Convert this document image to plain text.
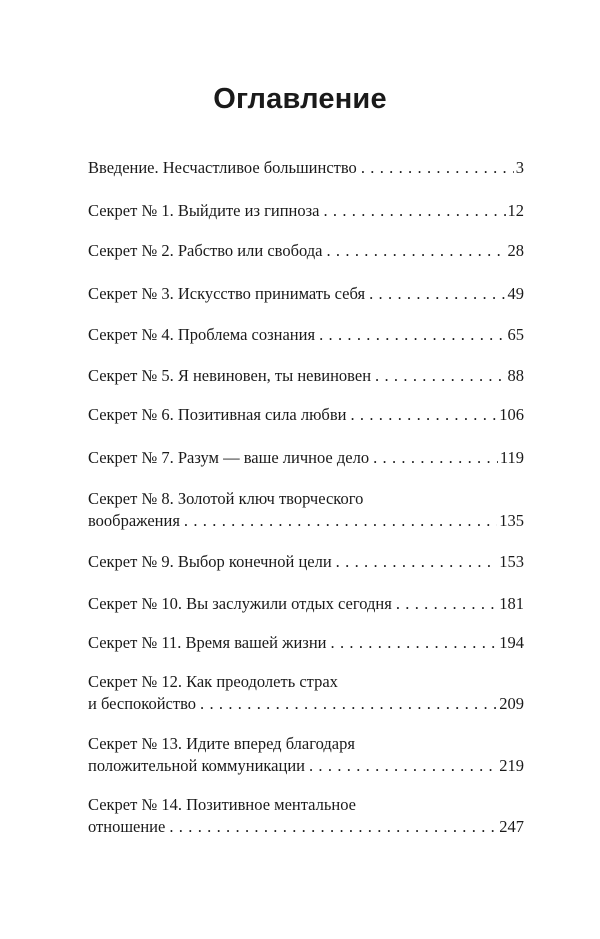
Оглавление
Введение. Несчастливое большинство . . .	3
Секрет № 1. Выйдите из гипноза . . .	12
Секрет № 2. Рабство или свобода . . .	28
Секрет № 3. Искусство принимать себя . . .	49
Секрет № 4. Проблема сознания . . .	65
Секрет № 5. Я невиновен, ты невиновен . . .	88
Секрет № 6. Позитивная сила любви . . .	106
Секрет № 7. Разум — ваше личное дело . . .	119
Секрет № 8. Золотой ключ творческого
воображения . . .	135
Секрет № 9. Выбор конечной цели . . .	153
Секрет № 10. Вы заслужили отдых сегодня . . .	181
Секрет № 11. Время вашей жизни . . .	194
Секрет № 12. Как преодолеть страх
и беспокойство . . .	209
Секрет № 13. Идите вперед благодаря
положительной коммуникации . . .	219
Секрет № 14. Позитивное ментальное
отношение . . .	247
